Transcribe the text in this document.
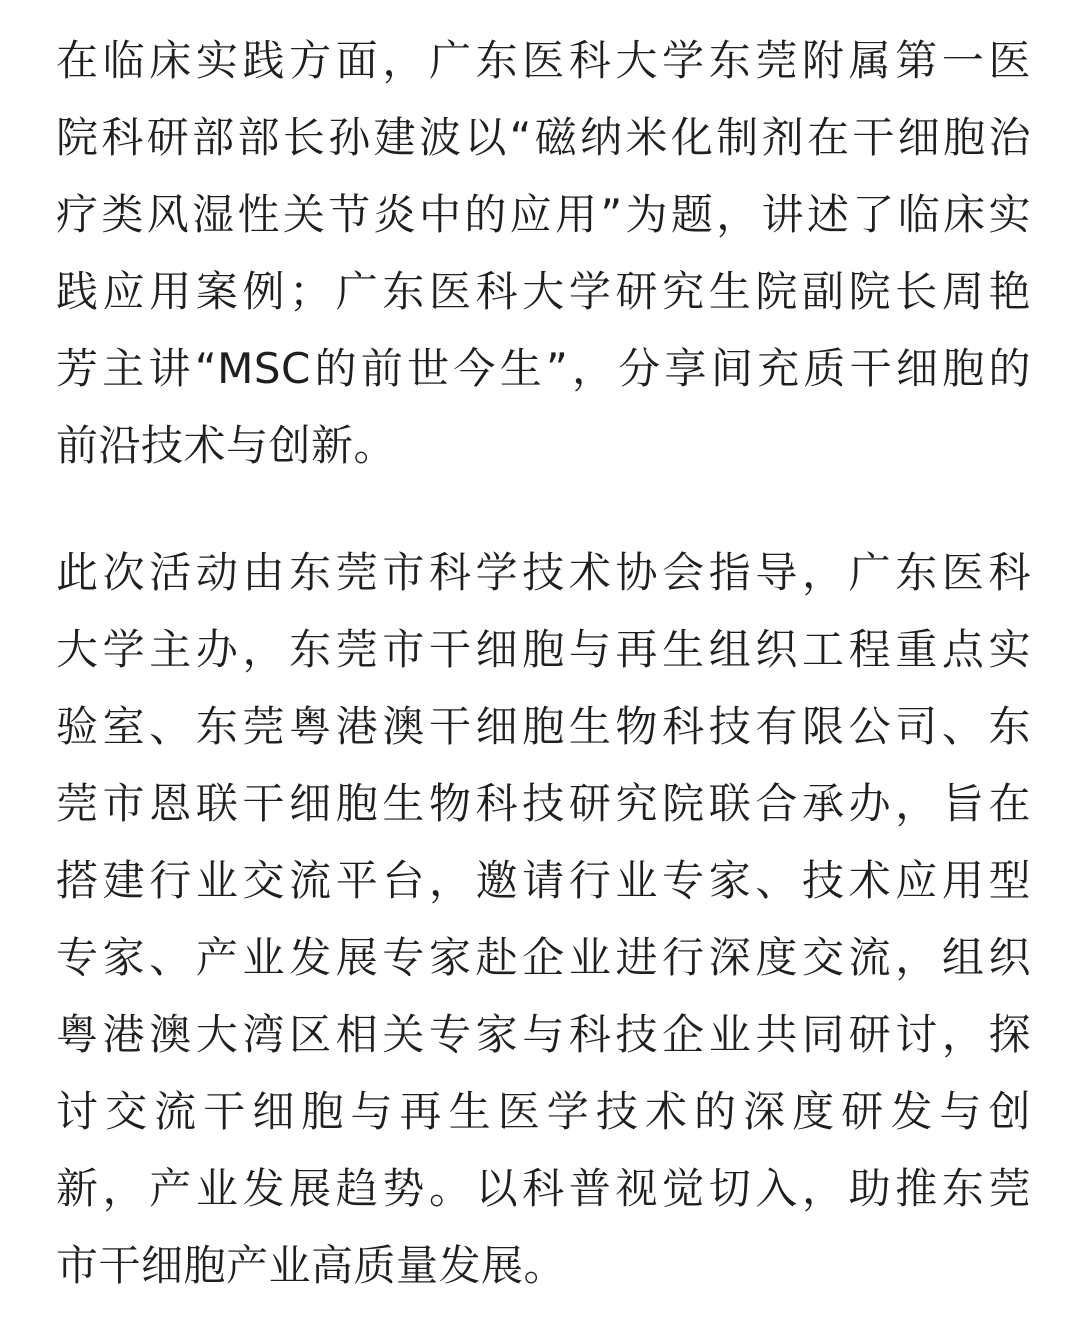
在临床实践方面，广东医科大学东莞附属第一医
院科研部部长孙建波以“磁纳米化制剂在干细胞治
疗类风湿性关节炎中的应用”为题，讲述了临床实
践应用案例；广东医科大学研究生院副院长周艳
芳主讲“MSC的前世今生”，分享间充质干细胞的
前沿技术与创新。

此次活动由东莞市科学技术协会指导，广东医科
大学主办，东莞市干细胞与再生组织工程重点实
验室、东莞粤港澳干细胞生物科技有限公司、东
莞市恩联干细胞生物科技研究院联合承办，旨在
搭建行业交流平台，邀请行业专家、技术应用型
专家、产业发展专家赴企业进行深度交流，组织
粤港澳大湾区相关专家与科技企业共同研讨，探
讨交流干细胞与再生医学技术的深度研发与创
新，产业发展趋势。以科普视觉切入，助推东莞
市干细胞产业高质量发展。
